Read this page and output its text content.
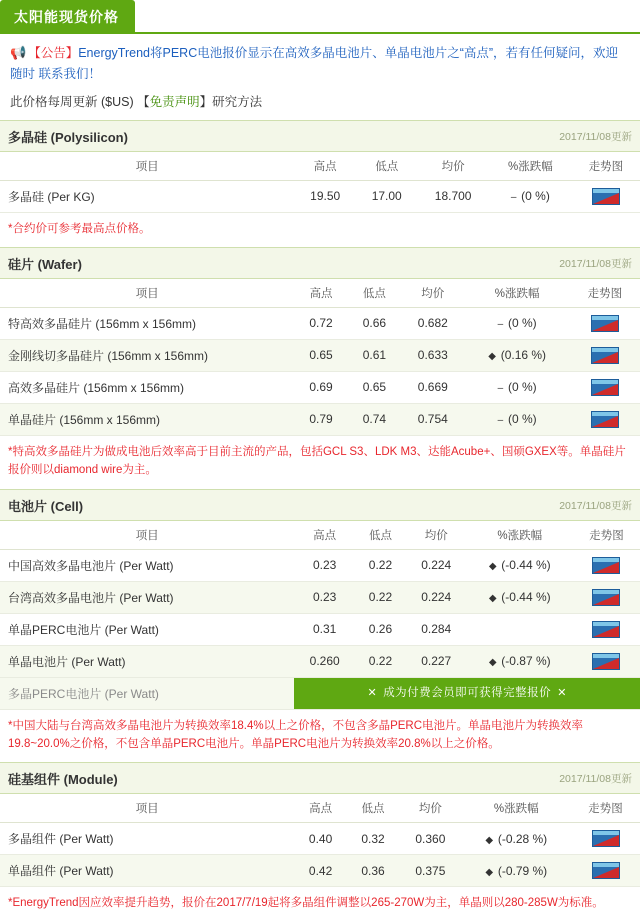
太阳能现货价格
📢 【公告】EnergyTrend将PERC电池报价显示在高效多晶电池片、单晶电池片之“高点”，若有任何疑问，欢迎随时 联系我们！
此价格每周更新 ($US) 【免责声明】研究方法
多晶硅 (Polysilicon)	2017/11/08更新
项目	高点	低点	均价	%涨跌幅	走势图
多晶硅 (Per KG)	19.50	17.00	18.700	– (0 %)	
*合约价可参考最高点价格。
硅片 (Wafer)	2017/11/08更新
项目	高点	低点	均价	%涨跌幅	走势图
特高效多晶硅片 (156mm x 156mm)	0.72	0.66	0.682	– (0 %)	
金刚线切多晶硅片 (156mm x 156mm)	0.65	0.61	0.633	◆ (0.16 %)	
高效多晶硅片 (156mm x 156mm)	0.69	0.65	0.669	– (0 %)	
单晶硅片 (156mm x 156mm)	0.79	0.74	0.754	– (0 %)	
*特高效多晶硅片为做成电池后效率高于目前主流的产品，包括GCL S3、LDK M3、达能Acube+、国硕GXEX等。单晶硅片报价则以diamond wire为主。
电池片 (Cell)	2017/11/08更新
项目	高点	低点	均价	%涨跌幅	走势图
中国高效多晶电池片 (Per Watt)	0.23	0.22	0.224	◆ (-0.44 %)	
台湾高效多晶电池片 (Per Watt)	0.23	0.22	0.224	◆ (-0.44 %)	
单晶PERC电池片 (Per Watt)	0.31	0.26	0.284		
单晶电池片 (Per Watt)	0.260	0.22	0.227	◆ (-0.87 %)	
多晶PERC电池片 (Per Watt)	✕ 成为付费会员即可获得完整报价 ✕
*中国大陆与台湾高效多晶电池片为转换效率18.4%以上之价格，不包含多晶PERC电池片。单晶电池片为转换效率19.8~20.0%之价格，不包含单晶PERC电池片。单晶PERC电池片为转换效率20.8%以上之价格。
硅基组件 (Module)	2017/11/08更新
项目	高点	低点	均价	%涨跌幅	走势图
多晶组件 (Per Watt)	0.40	0.32	0.360	◆ (-0.28 %)	
单晶组件 (Per Watt)	0.42	0.36	0.375	◆ (-0.79 %)	
*EnergyTrend因应效率提升趋势，报价在2017/7/19起将多晶组件调整以265-270W为主，单晶则以280-285W为标准。
